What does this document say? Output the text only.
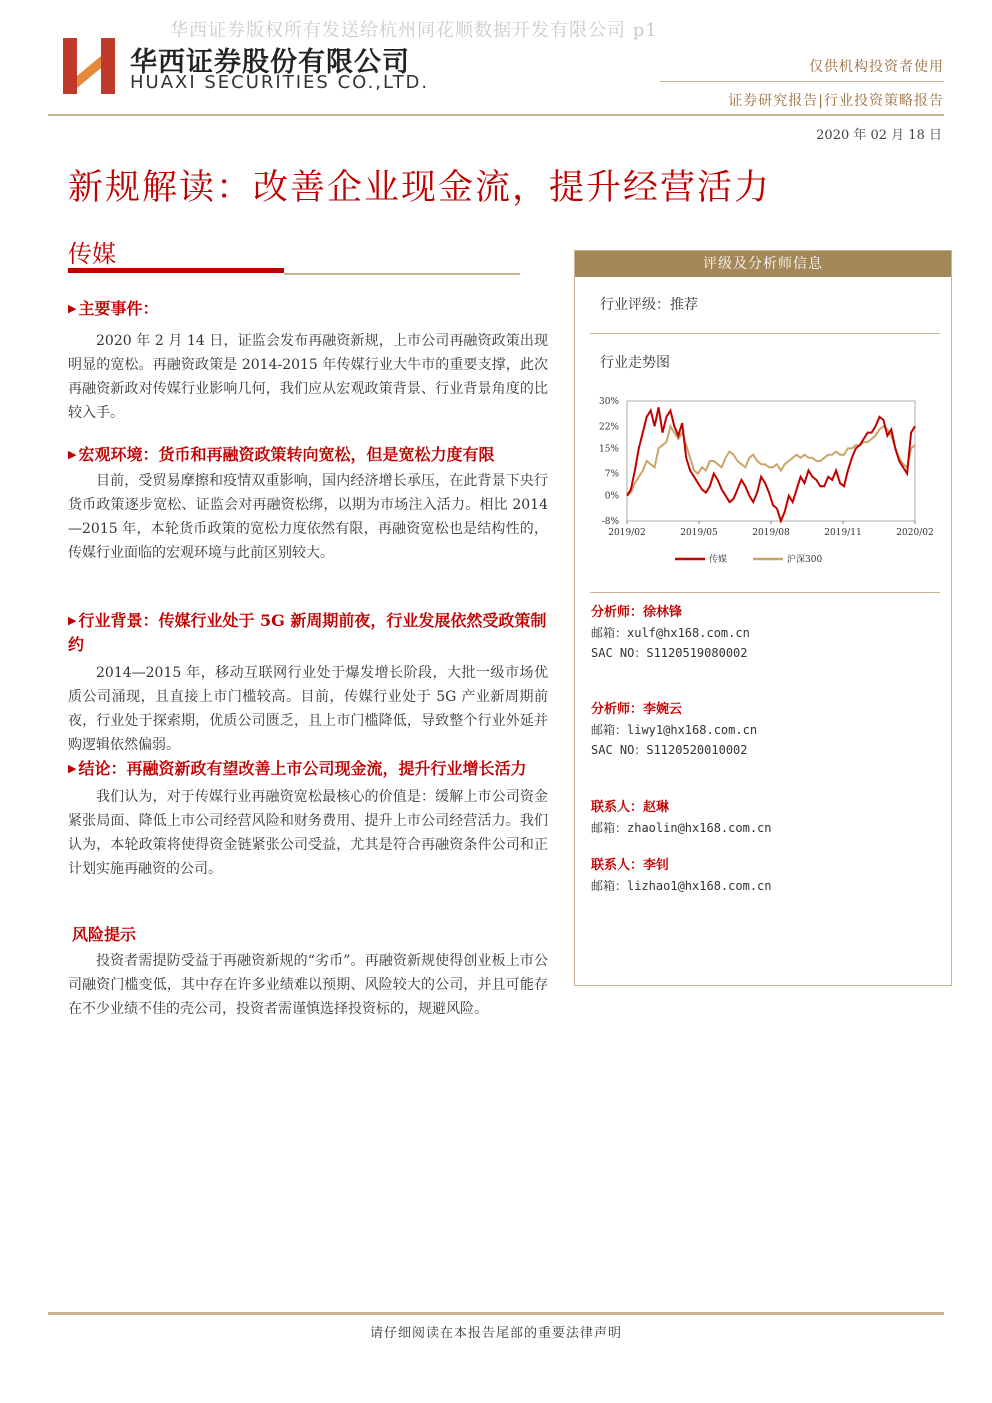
华西证券版权所有发送给杭州同花顺数据开发有限公司 p1
华西证券股份有限公司
HUAXI SECURITIES CO.,LTD.
仅供机构投资者使用
证券研究报告|行业投资策略报告
2020 年 02 月 18 日
新规解读：改善企业现金流，提升经营活力
传媒
▶ 主要事件：

2020 年 2 月 14 日，证监会发布再融资新规，上市公司再融资政策出现明显的宽松。再融资政策是 2014-2015 年传媒行业大牛市的重要支撑，此次再融资新政对传媒行业影响几何，我们应从宏观政策背景、行业背景角度的比较入手。

▶ 宏观环境：货币和再融资政策转向宽松，但是宽松力度有限

目前，受贸易摩擦和疫情双重影响，国内经济增长承压，在此背景下央行货币政策逐步宽松、证监会对再融资松绑，以期为市场注入活力。相比 2014—2015 年，本轮货币政策的宽松力度依然有限，再融资宽松也是结构性的，传媒行业面临的宏观环境与此前区别较大。

▶ 行业背景：传媒行业处于 5G 新周期前夜，行业发展依然受政策制约

2014—2015 年，移动互联网行业处于爆发增长阶段，大批一级市场优质公司涌现，且直接上市门槛较高。目前，传媒行业处于 5G 产业新周期前夜，行业处于探索期，优质公司匮乏，且上市门槛降低，导致整个行业外延并购逻辑依然偏弱。

▶ 结论：再融资新政有望改善上市公司现金流，提升行业增长活力

我们认为，对于传媒行业再融资宽松最核心的价值是：缓解上市公司资金紧张局面、降低上市公司经营风险和财务费用、提升上市公司经营活力。我们认为，本轮政策将使得资金链紧张公司受益，尤其是符合再融资条件公司和正计划实施再融资的公司。

风险提示

投资者需提防受益于再融资新规的“劣币”。再融资新规使得创业板上市公司融资门槛变低，其中存在许多业绩难以预期、风险较大的公司，并且可能存在不少业绩不佳的壳公司，投资者需谨慎选择投资标的，规避风险。

评级及分析师信息
行业评级：推荐
行业走势图
30%
22%
15%
7%
0%
-8%
2019/02	2019/05	2019/08	2019/11	2020/02
传媒	沪深300
分析师：徐林锋
邮箱：xulf@hx168.com.cn
SAC NO：S1120519080002
分析师：李婉云
邮箱：liwy1@hx168.com.cn
SAC NO：S1120520010002
联系人：赵琳
邮箱：zhaolin@hx168.com.cn
联系人：李钊
邮箱：lizhao1@hx168.com.cn
请仔细阅读在本报告尾部的重要法律声明
